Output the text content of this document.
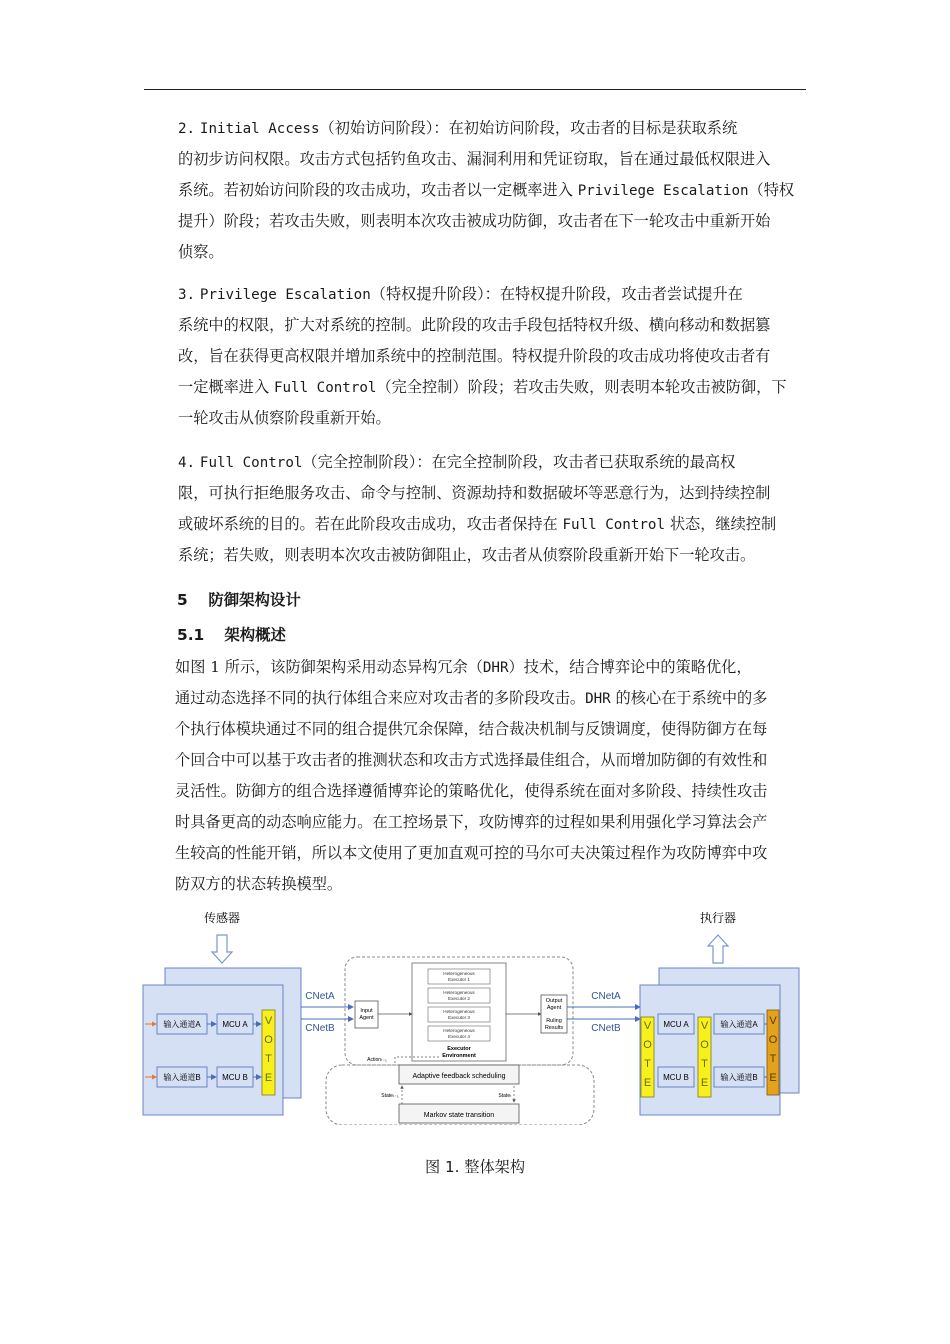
2. Initial Access（初始访问阶段）：在初始访问阶段，攻击者的目标是获取系统
的初步访问权限。攻击方式包括钓鱼攻击、漏洞利用和凭证窃取，旨在通过最低权限进入
系统。若初始访问阶段的攻击成功，攻击者以一定概率进入 Privilege Escalation（特权
提升）阶段；若攻击失败，则表明本次攻击被成功防御，攻击者在下一轮攻击中重新开始
侦察。
3. Privilege Escalation（特权提升阶段）：在特权提升阶段，攻击者尝试提升在
系统中的权限，扩大对系统的控制。此阶段的攻击手段包括特权升级、横向移动和数据篡
改，旨在获得更高权限并增加系统中的控制范围。特权提升阶段的攻击成功将使攻击者有
一定概率进入 Full Control（完全控制）阶段；若攻击失败，则表明本轮攻击被防御，下
一轮攻击从侦察阶段重新开始。
4. Full Control（完全控制阶段）：在完全控制阶段，攻击者已获取系统的最高权
限，可执行拒绝服务攻击、命令与控制、资源劫持和数据破坏等恶意行为，达到持续控制
或破坏系统的目的。若在此阶段攻击成功，攻击者保持在 Full Control 状态，继续控制
系统；若失败，则表明本次攻击被防御阻止，攻击者从侦察阶段重新开始下一轮攻击。
5 防御架构设计
5.1 架构概述
如图 1 所示，该防御架构采用动态异构冗余（DHR）技术，结合博弈论中的策略优化，
通过动态选择不同的执行体组合来应对攻击者的多阶段攻击。DHR 的核心在于系统中的多
个执行体模块通过不同的组合提供冗余保障，结合裁决机制与反馈调度，使得防御方在每
个回合中可以基于攻击者的推测状态和攻击方式选择最佳组合，从而增加防御的有效性和
灵活性。防御方的组合选择遵循博弈论的策略优化，使得系统在面对多阶段、持续性攻击
时具备更高的动态响应能力。在工控场景下，攻防博弈的过程如果利用强化学习算法会产
生较高的性能开销，所以本文使用了更加直观可控的马尔可夫决策过程作为攻防博弈中攻
防双方的状态转换模型。
传感器	执行器
输入通道A	MCU A
输入通道B	MCU B
V
O
T
E
CNetA
CNetB
Input
Agent
Heterogeneous
Executor 1
Heterogeneous
Executor 2
Heterogeneous
Executor 3
Heterogeneous
Executor 4
Executor
Environment
Output
Agent
Ruling
Results
Adaptive feedback scheduling
Markov state transition
Actionₜ₋₁
Stateₜ₋₁	Stateₜ
CNetA
CNetB V
O
T
E
MCU A
MCU B
V
O
T
E
输入通道A
输入通道B
V
O
T
E
图 1. 整体架构
